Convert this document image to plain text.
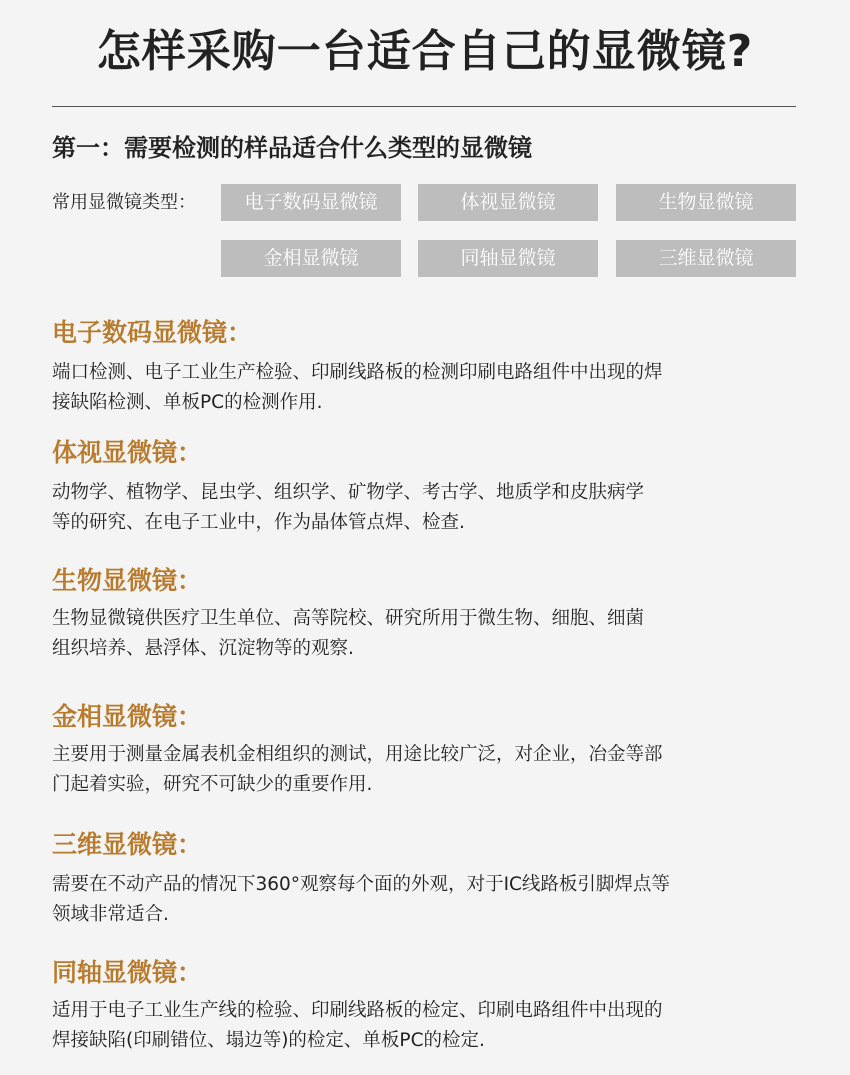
怎样采购一台适合自己的显微镜?
第一：需要检测的样品适合什么类型的显微镜
常用显微镜类型：	电子数码显微镜	体视显微镜	生物显微镜
金相显微镜	同轴显微镜	三维显微镜
电子数码显微镜：
端口检测、电子工业生产检验、印刷线路板的检测印刷电路组件中出现的焊
接缺陷检测、单板PC的检测作用.
体视显微镜：
动物学、植物学、昆虫学、组织学、矿物学、考古学、地质学和皮肤病学
等的研究、在电子工业中，作为晶体管点焊、检查.
生物显微镜：
生物显微镜供医疗卫生单位、高等院校、研究所用于微生物、细胞、细菌
组织培养、悬浮体、沉淀物等的观察.
金相显微镜：
主要用于测量金属表机金相组织的测试，用途比较广泛，对企业，冶金等部
门起着实验，研究不可缺少的重要作用.
三维显微镜：
需要在不动产品的情况下360°观察每个面的外观，对于IC线路板引脚焊点等
领域非常适合.
同轴显微镜：
适用于电子工业生产线的检验、印刷线路板的检定、印刷电路组件中出现的
焊接缺陷(印刷错位、塌边等)的检定、单板PC的检定.
